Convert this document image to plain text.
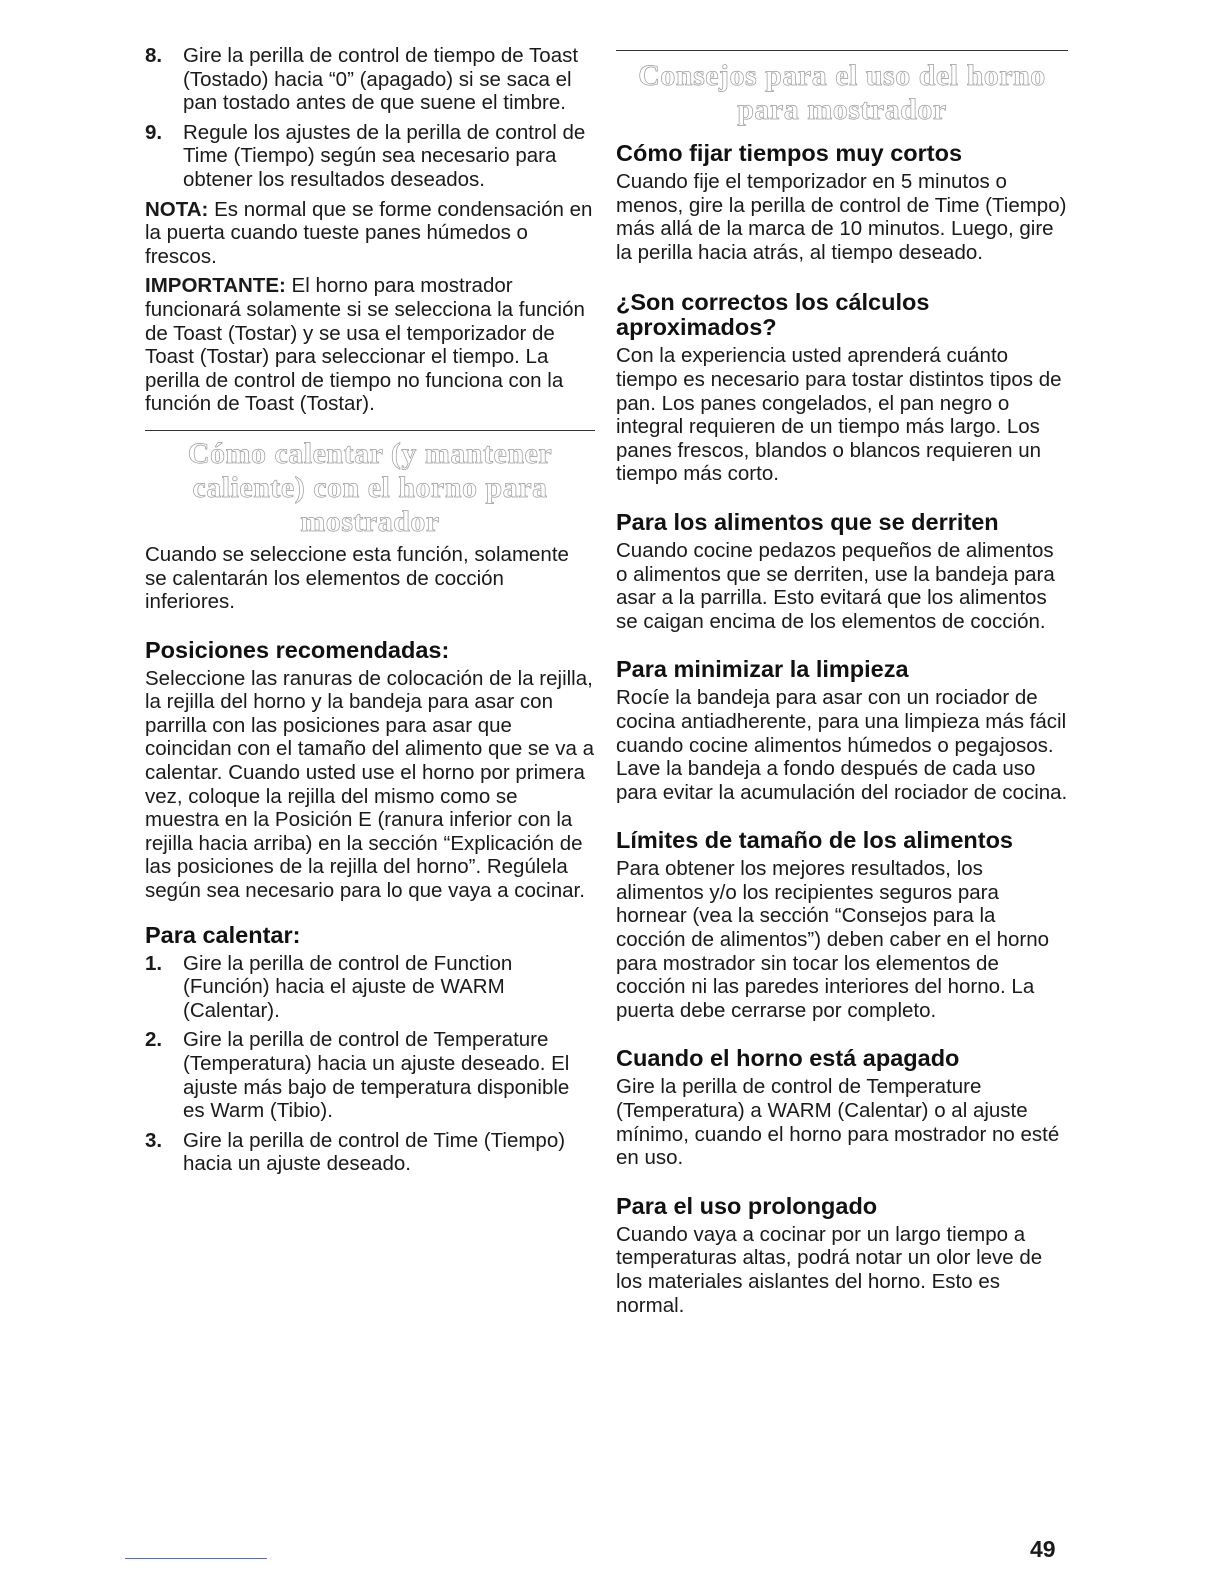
8.	Gire la perilla de control de tiempo de Toast (Tostado) hacia “0” (apagado) si se saca el pan tostado antes de que suene el timbre.
9.	Regule los ajustes de la perilla de control de Time (Tiempo) según sea necesario para obtener los resultados deseados.

NOTA: Es normal que se forme condensación en la puerta cuando tueste panes húmedos o frescos.

IMPORTANTE: El horno para mostrador funcionará solamente si se selecciona la función de Toast (Tostar) y se usa el temporizador de Toast (Tostar) para seleccionar el tiempo. La perilla de control de tiempo no funciona con la función de Toast (Tostar).

Cómo calentar (y mantener caliente) con el horno para mostrador

Cuando se seleccione esta función, solamente se calentarán los elementos de cocción inferiores.

Posiciones recomendadas:

Seleccione las ranuras de colocación de la rejilla, la rejilla del horno y la bandeja para asar con parrilla con las posiciones para asar que coincidan con el tamaño del alimento que se va a calentar. Cuando usted use el horno por primera vez, coloque la rejilla del mismo como se muestra en la Posición E (ranura inferior con la rejilla hacia arriba) en la sección “Explicación de las posiciones de la rejilla del horno”. Regúlela según sea necesario para lo que vaya a cocinar.

Para calentar:
1.	Gire la perilla de control de Function (Función) hacia el ajuste de WARM (Calentar).
2.	Gire la perilla de control de Temperature (Temperatura) hacia un ajuste deseado. El ajuste más bajo de temperatura disponible es Warm (Tibio).
3.	Gire la perilla de control de Time (Tiempo) hacia un ajuste deseado.
Consejos para el uso del horno para mostrador
Cómo fijar tiempos muy cortos

Cuando fije el temporizador en 5 minutos o menos, gire la perilla de control de Time (Tiempo) más allá de la marca de 10 minutos. Luego, gire la perilla hacia atrás, al tiempo deseado.

¿Son correctos los cálculos aproximados?

Con la experiencia usted aprenderá cuánto tiempo es necesario para tostar distintos tipos de pan. Los panes congelados, el pan negro o integral requieren de un tiempo más largo. Los panes frescos, blandos o blancos requieren un tiempo más corto.

Para los alimentos que se derriten

Cuando cocine pedazos pequeños de alimentos o alimentos que se derriten, use la bandeja para asar a la parrilla. Esto evitará que los alimentos se caigan encima de los elementos de cocción.

Para minimizar la limpieza

Rocíe la bandeja para asar con un rociador de cocina antiadherente, para una limpieza más fácil cuando cocine alimentos húmedos o pegajosos. Lave la bandeja a fondo después de cada uso para evitar la acumulación del rociador de cocina.

Límites de tamaño de los alimentos

Para obtener los mejores resultados, los alimentos y/o los recipientes seguros para hornear (vea la sección “Consejos para la cocción de alimentos”) deben caber en el horno para mostrador sin tocar los elementos de cocción ni las paredes interiores del horno. La puerta debe cerrarse por completo.

Cuando el horno está apagado

Gire la perilla de control de Temperature (Temperatura) a WARM (Calentar) o al ajuste mínimo, cuando el horno para mostrador no esté en uso.

Para el uso prolongado

Cuando vaya a cocinar por un largo tiempo a temperaturas altas, podrá notar un olor leve de los materiales aislantes del horno. Esto es normal.

49
